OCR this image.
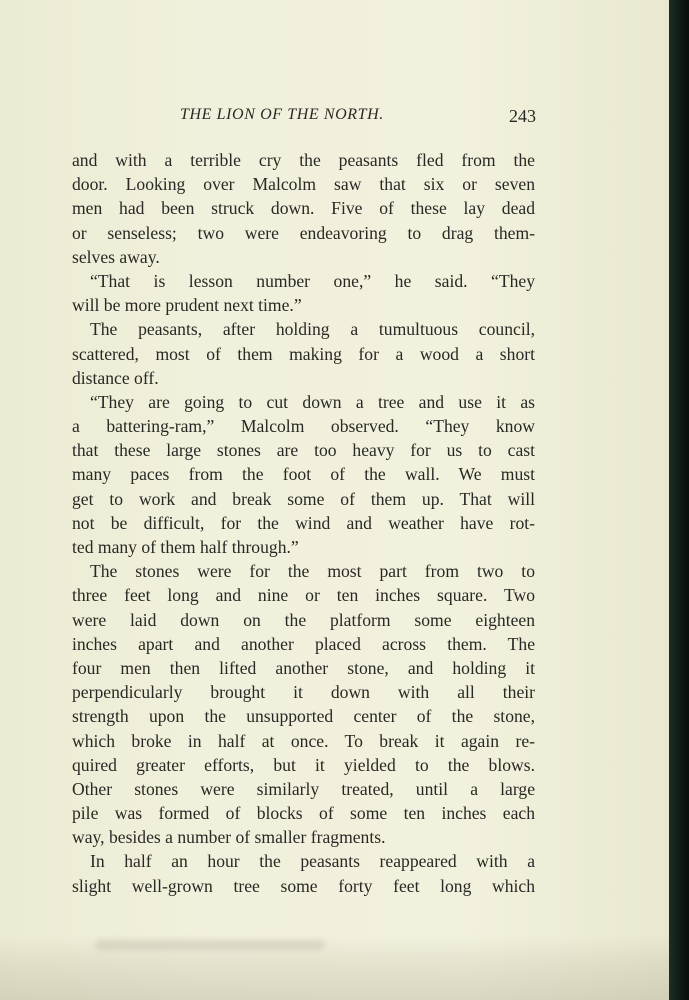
THE LION OF THE NORTH.	243
and with a terrible cry the peasants fled from the
door. Looking over Malcolm saw that six or seven
men had been struck down. Five of these lay dead
or senseless; two were endeavoring to drag them-
selves away.
“That is lesson number one,” he said. “They
will be more prudent next time.”
The peasants, after holding a tumultuous council,
scattered, most of them making for a wood a short
distance off.
“They are going to cut down a tree and use it as
a battering-ram,” Malcolm observed. “They know
that these large stones are too heavy for us to cast
many paces from the foot of the wall. We must
get to work and break some of them up. That will
not be difficult, for the wind and weather have rot-
ted many of them half through.”
The stones were for the most part from two to
three feet long and nine or ten inches square. Two
were laid down on the platform some eighteen
inches apart and another placed across them. The
four men then lifted another stone, and holding it
perpendicularly brought it down with all their
strength upon the unsupported center of the stone,
which broke in half at once. To break it again re-
quired greater efforts, but it yielded to the blows.
Other stones were similarly treated, until a large
pile was formed of blocks of some ten inches each
way, besides a number of smaller fragments.
In half an hour the peasants reappeared with a
slight well-grown tree some forty feet long which
